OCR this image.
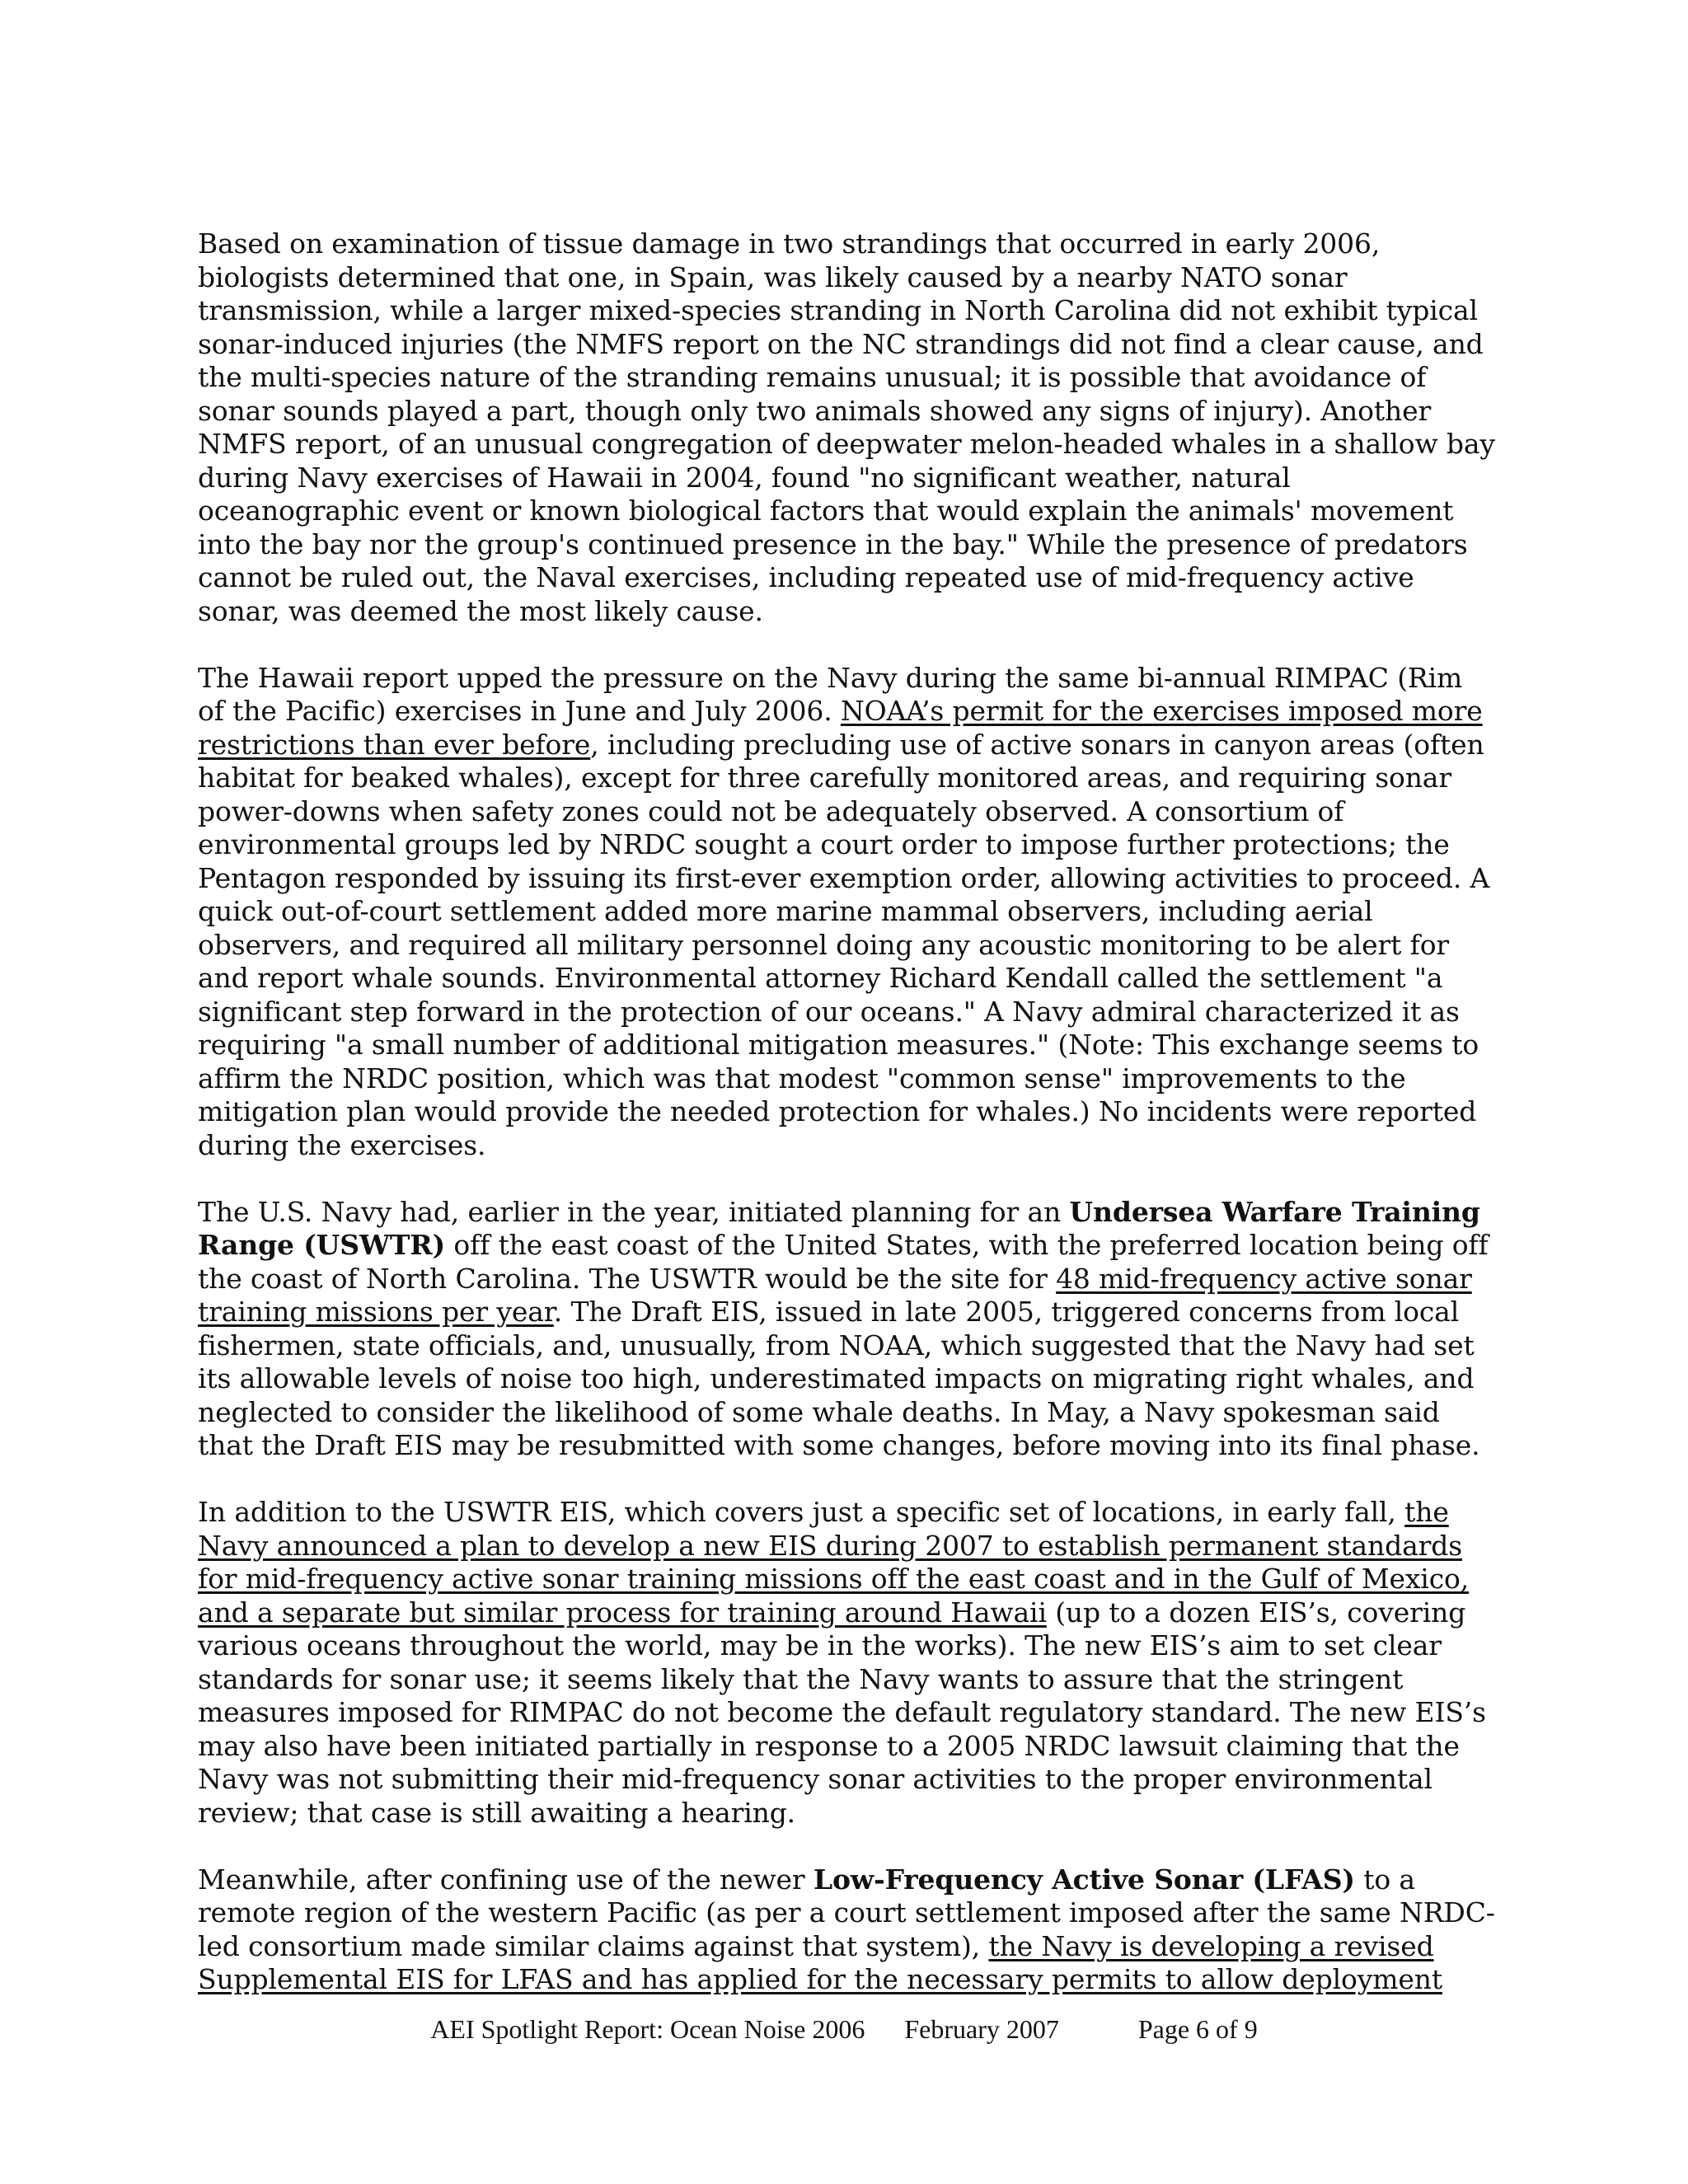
Based on examination of tissue damage in two strandings that occurred in early 2006, biologists determined that one, in Spain, was likely caused by a nearby NATO sonar transmission, while a larger mixed-species stranding in North Carolina did not exhibit typical sonar-induced injuries (the NMFS report on the NC strandings did not find a clear cause, and the multi-species nature of the stranding remains unusual; it is possible that avoidance of sonar sounds played a part, though only two animals showed any signs of injury). Another NMFS report, of an unusual congregation of deepwater melon-headed whales in a shallow bay during Navy exercises of Hawaii in 2004, found "no significant weather, natural oceanographic event or known biological factors that would explain the animals' movement into the bay nor the group's continued presence in the bay." While the presence of predators cannot be ruled out, the Naval exercises, including repeated use of mid-frequency active sonar, was deemed the most likely cause.

The Hawaii report upped the pressure on the Navy during the same bi-annual RIMPAC (Rim of the Pacific) exercises in June and July 2006. NOAA’s permit for the exercises imposed more restrictions than ever before, including precluding use of active sonars in canyon areas (often habitat for beaked whales), except for three carefully monitored areas, and requiring sonar power-downs when safety zones could not be adequately observed. A consortium of environmental groups led by NRDC sought a court order to impose further protections; the Pentagon responded by issuing its first-ever exemption order, allowing activities to proceed. A quick out-of-court settlement added more marine mammal observers, including aerial observers, and required all military personnel doing any acoustic monitoring to be alert for and report whale sounds. Environmental attorney Richard Kendall called the settlement "a significant step forward in the protection of our oceans." A Navy admiral characterized it as requiring "a small number of additional mitigation measures." (Note: This exchange seems to affirm the NRDC position, which was that modest "common sense" improvements to the mitigation plan would provide the needed protection for whales.) No incidents were reported during the exercises.

The U.S. Navy had, earlier in the year, initiated planning for an Undersea Warfare Training Range (USWTR) off the east coast of the United States, with the preferred location being off the coast of North Carolina. The USWTR would be the site for 48 mid-frequency active sonar training missions per year. The Draft EIS, issued in late 2005, triggered concerns from local fishermen, state officials, and, unusually, from NOAA, which suggested that the Navy had set its allowable levels of noise too high, underestimated impacts on migrating right whales, and neglected to consider the likelihood of some whale deaths. In May, a Navy spokesman said that the Draft EIS may be resubmitted with some changes, before moving into its final phase.

In addition to the USWTR EIS, which covers just a specific set of locations, in early fall, the Navy announced a plan to develop a new EIS during 2007 to establish permanent standards for mid-frequency active sonar training missions off the east coast and in the Gulf of Mexico, and a separate but similar process for training around Hawaii (up to a dozen EIS’s, covering various oceans throughout the world, may be in the works). The new EIS’s aim to set clear standards for sonar use; it seems likely that the Navy wants to assure that the stringent measures imposed for RIMPAC do not become the default regulatory standard. The new EIS’s may also have been initiated partially in response to a 2005 NRDC lawsuit claiming that the Navy was not submitting their mid-frequency sonar activities to the proper environmental review; that case is still awaiting a hearing.

Meanwhile, after confining use of the newer Low-Frequency Active Sonar (LFAS) to a remote region of the western Pacific (as per a court settlement imposed after the same NRDC-led consortium made similar claims against that system), the Navy is developing a revised Supplemental EIS for LFAS and has applied for the necessary permits to allow deployment

AEI Spotlight Report: Ocean Noise 2006 February 2007	Page 6 of 9
